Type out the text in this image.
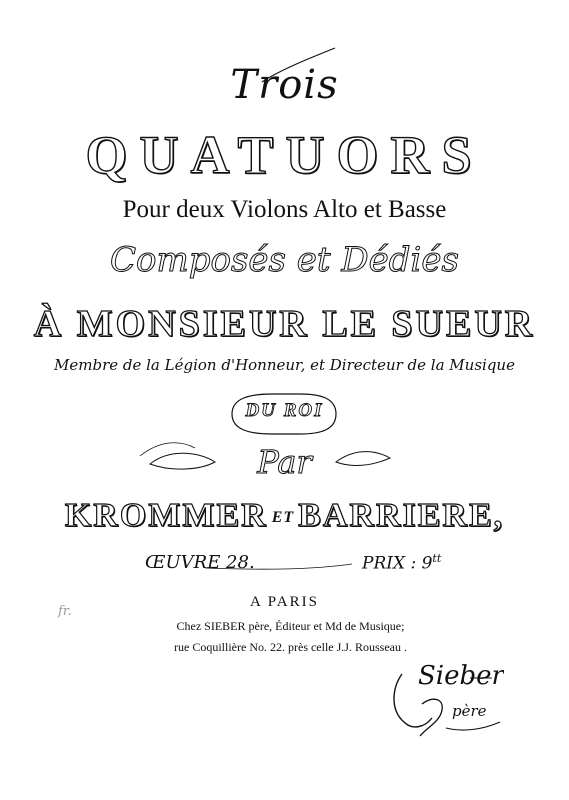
Trois
QUATUORS
Pour deux Violons Alto et Basse
Composés et Dédiés
À MONSIEUR LE SUEUR
Membre de la Légion d'Honneur, et Directeur de la Musique
DU ROI
Par
KROMMER ET BARRIERE,
ŒUVRE 28.	PRIX : $9^{tt}$
A PARIS
Chez SIEBER père, Éditeur et Md de Musique;
rue Coquillière No. 22. près celle J.J. Rousseau .
fr.
Sieber
père
